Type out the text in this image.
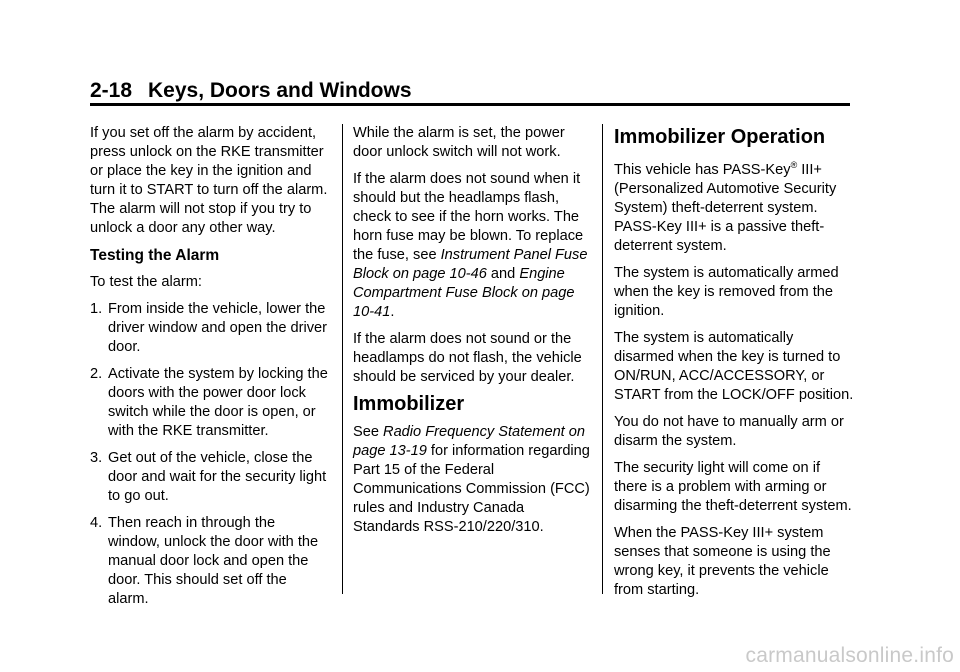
2-18 Keys, Doors and Windows

If you set off the alarm by accident, press unlock on the RKE transmitter or place the key in the ignition and turn it to START to turn off the alarm. The alarm will not stop if you try to unlock a door any other way.

Testing the Alarm

To test the alarm:

1. From inside the vehicle, lower the driver window and open the driver door.
2. Activate the system by locking the doors with the power door lock switch while the door is open, or with the RKE transmitter.
3. Get out of the vehicle, close the door and wait for the security light to go out.
4. Then reach in through the window, unlock the door with the manual door lock and open the door. This should set off the alarm.

While the alarm is set, the power door unlock switch will not work.

If the alarm does not sound when it should but the headlamps flash, check to see if the horn works. The horn fuse may be blown. To replace the fuse, see Instrument Panel Fuse Block on page 10-46 and Engine Compartment Fuse Block on page 10-41.

If the alarm does not sound or the headlamps do not flash, the vehicle should be serviced by your dealer.

Immobilizer

See Radio Frequency Statement on page 13-19 for information regarding Part 15 of the Federal Communications Commission (FCC) rules and Industry Canada Standards RSS-210/220/310.

Immobilizer Operation

This vehicle has PASS-Key® III+ (Personalized Automotive Security System) theft-deterrent system. PASS-Key III+ is a passive theft-deterrent system.

The system is automatically armed when the key is removed from the ignition.

The system is automatically disarmed when the key is turned to ON/RUN, ACC/ACCESSORY, or START from the LOCK/OFF position.

You do not have to manually arm or disarm the system.

The security light will come on if there is a problem with arming or disarming the theft-deterrent system.

When the PASS-Key III+ system senses that someone is using the wrong key, it prevents the vehicle from starting.

carmanualsonline.info
